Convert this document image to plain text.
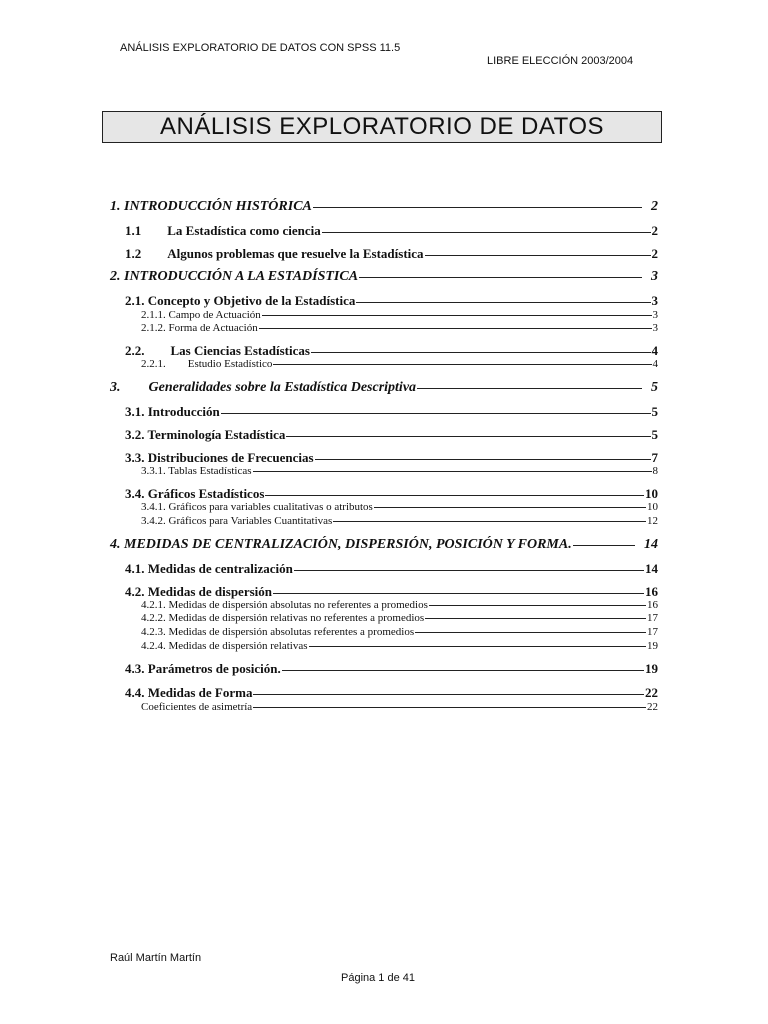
ANÁLISIS EXPLORATORIO DE DATOS CON SPSS 11.5
LIBRE ELECCIÓN 2003/2004
ANÁLISIS EXPLORATORIO DE DATOS
1. INTRODUCCIÓN HISTÓRICA	2
1.1  La Estadística como ciencia	2
1.2  Algunos problemas que resuelve la Estadística	2
2. INTRODUCCIÓN A LA ESTADÍSTICA	3
2.1. Concepto y Objetivo de la Estadística	3
2.1.1. Campo de Actuación	3
2.1.2. Forma de Actuación	3
2.2.  Las Ciencias Estadísticas	4
2.2.1.  Estudio Estadístico	4
3.  Generalidades sobre la Estadística Descriptiva	5
3.1. Introducción	5
3.2. Terminología Estadística	5
3.3. Distribuciones de Frecuencias	7
3.3.1. Tablas Estadísticas	8
3.4. Gráficos Estadísticos	10
3.4.1. Gráficos para variables cualitativas o atributos	10
3.4.2. Gráficos para Variables Cuantitativas	12
4. MEDIDAS DE CENTRALIZACIÓN, DISPERSIÓN, POSICIÓN Y FORMA.	14
4.1. Medidas de centralización	14
4.2. Medidas de dispersión	16
4.2.1. Medidas de dispersión absolutas no referentes a promedios	16
4.2.2. Medidas de dispersión relativas no referentes a promedios	17
4.2.3. Medidas de dispersión absolutas referentes a promedios	17
4.2.4. Medidas de dispersión relativas	19
4.3. Parámetros de posición.	19
4.4. Medidas de Forma	22
Coeficientes de asimetría	22
Raúl Martín Martín
Página 1 de 41
